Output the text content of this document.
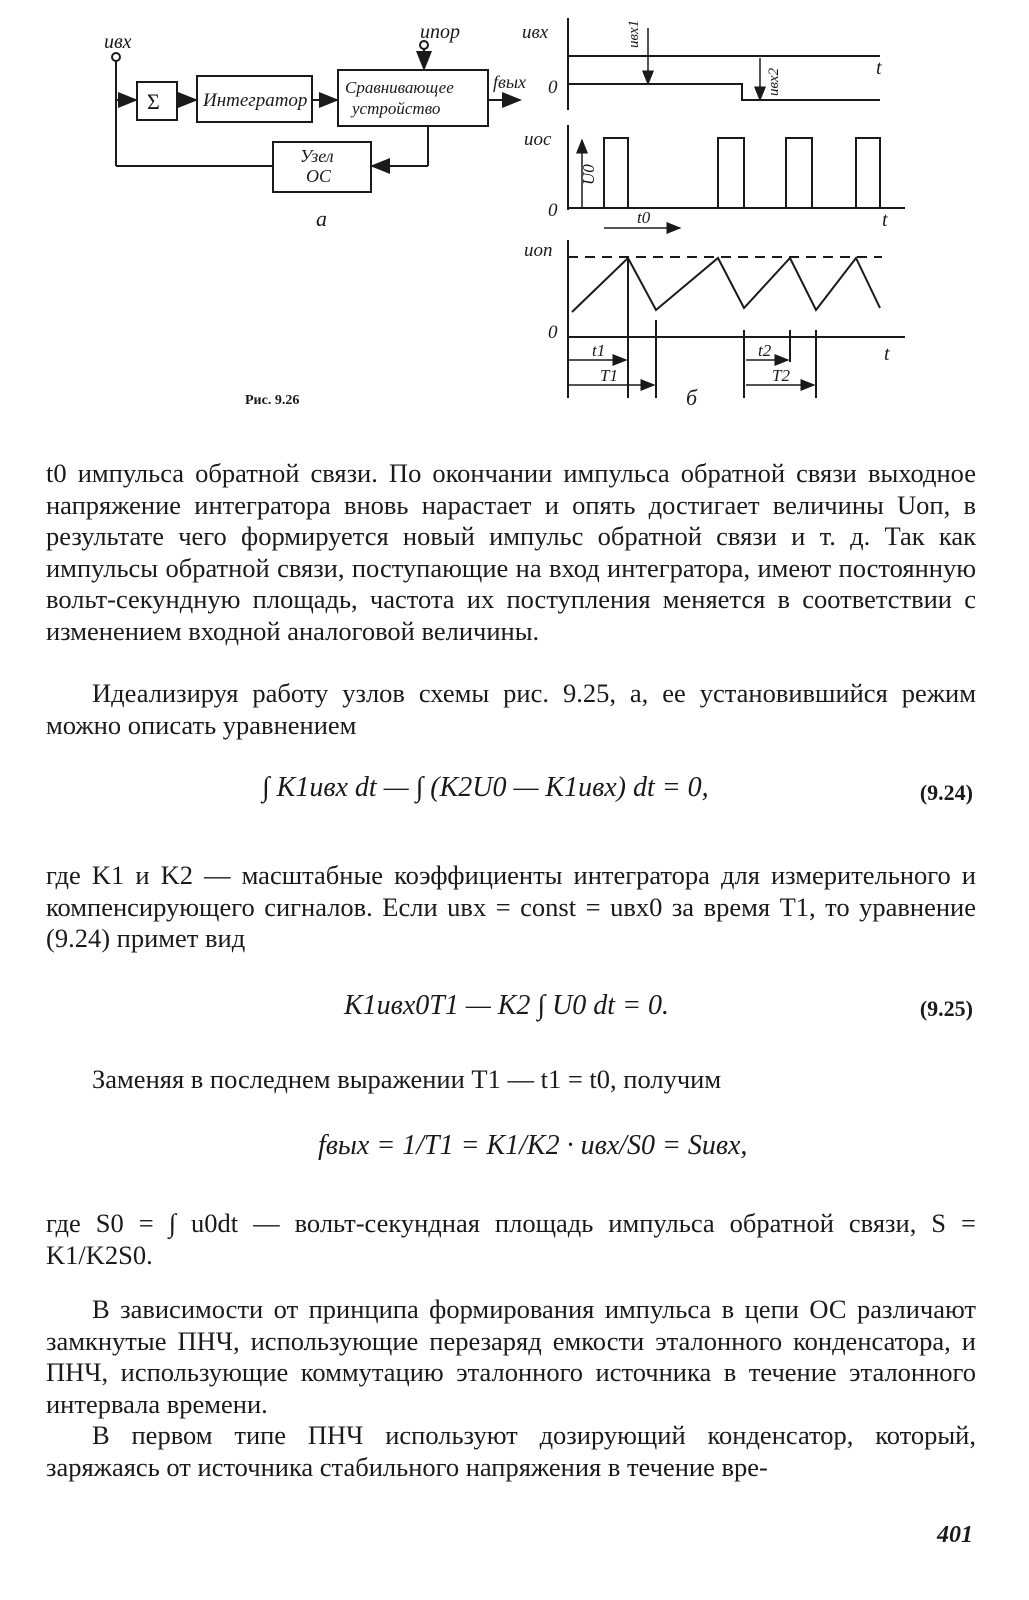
uвх	uпор
Σ Интегратор
Сравнивающее
устройство
fвых
Узел
ОС
а
uвх
0
t
uвх1
uвх2
uос
U0
0	t0	t
uоп
0
t
t1
T1
t2
T2
б
Рис. 9.26
t0 импульса обратной связи. По окончании импульса обратной связи выходное напряжение интегратора вновь нарастает и опять достигает величины Uоп, в результате чего формируется новый импульс обратной связи и т. д. Так как импульсы обратной связи, поступающие на вход интегратора, имеют постоянную вольт-секундную площадь, частота их поступления меняется в соответствии с изменением входной аналоговой величины.
Идеализируя работу узлов схемы рис. 9.25, а, ее установившийся режим можно описать уравнением
∫ K1uвх dt — ∫ (K2U0 — K1uвх) dt = 0,	(9.24)
где K1 и K2 — масштабные коэффициенты интегратора для измерительного и компенсирующего сигналов. Если uвх = const = uвх0 за время T1, то уравнение (9.24) примет вид
K1uвх0T1 — K2 ∫ U0 dt = 0.	(9.25)
Заменяя в последнем выражении T1 — t1 = t0, получим
fвых = 1/T1 = K1/K2 · uвх/S0 = Suвх,
где S0 = ∫ u0dt — вольт-секундная площадь импульса обратной связи, S = K1/K2S0.
В зависимости от принципа формирования импульса в цепи ОС различают замкнутые ПНЧ, использующие перезаряд емкости эталонного конденсатора, и ПНЧ, использующие коммутацию эталонного источника в течение эталонного интервала времени.
В первом типе ПНЧ используют дозирующий конденсатор, который, заряжаясь от источника стабильного напряжения в течение вре-
401
